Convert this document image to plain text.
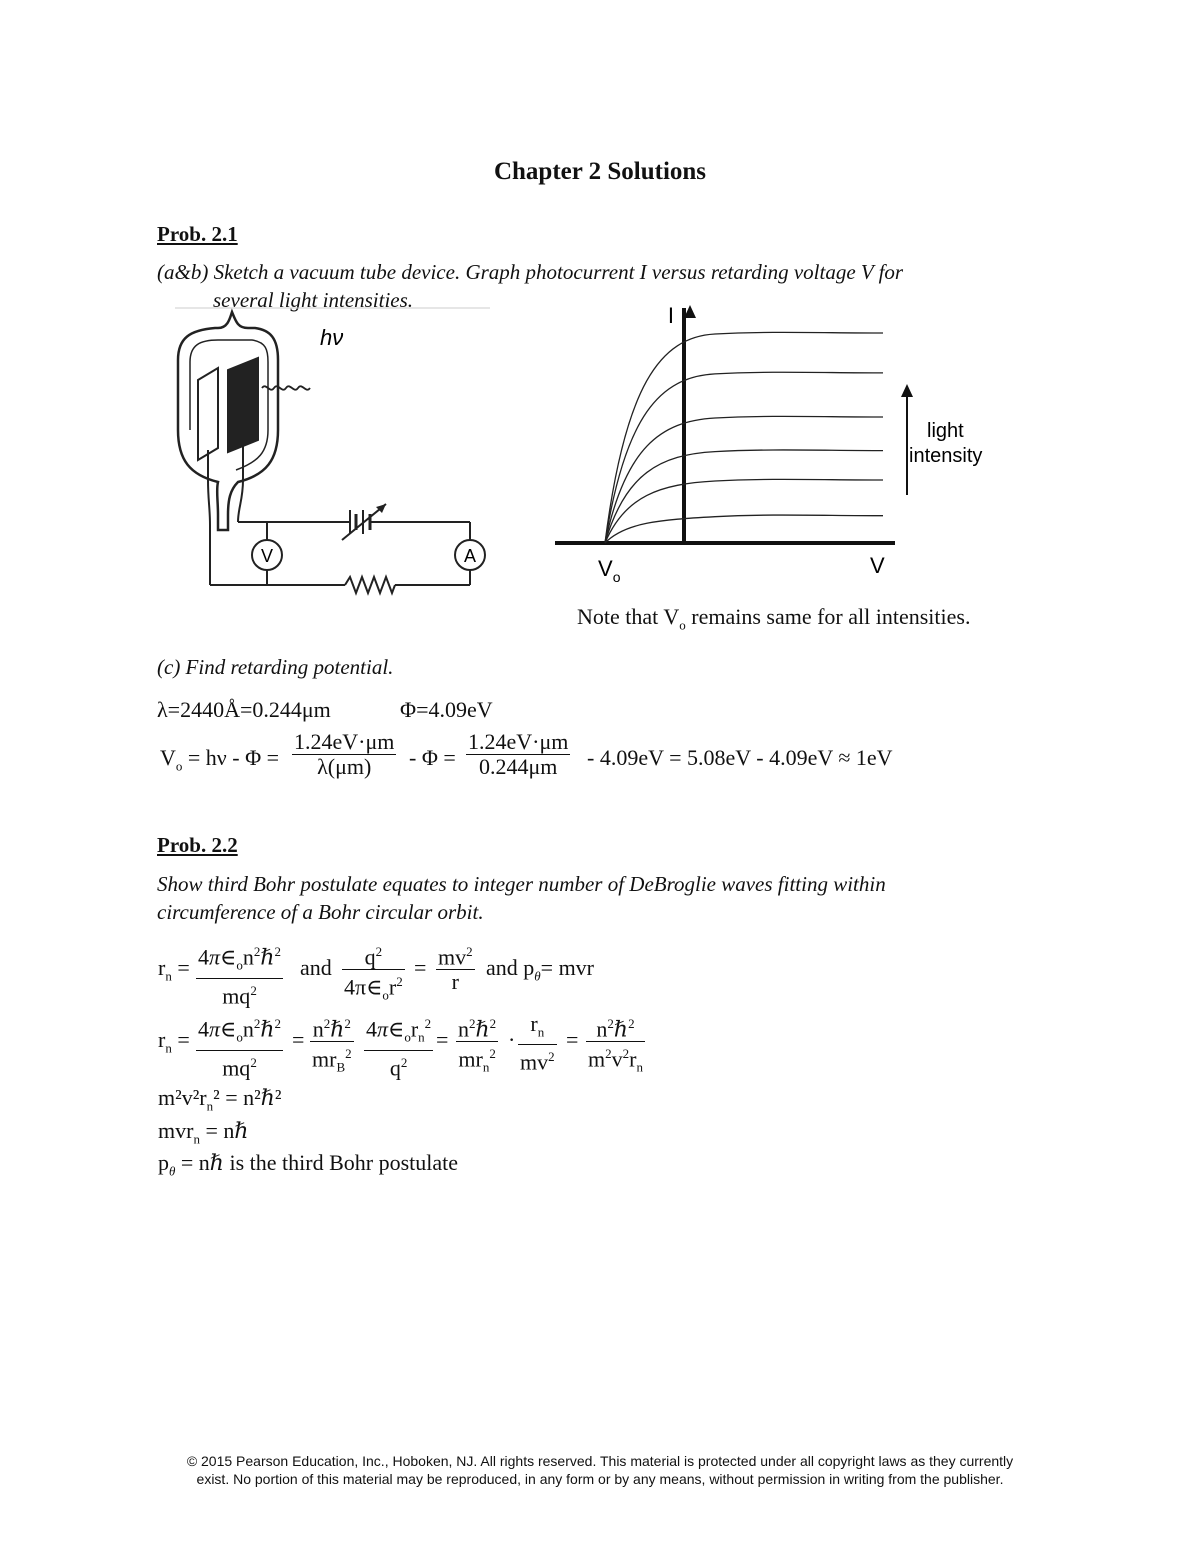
Chapter 2 Solutions
Prob. 2.1
(a&b) Sketch a vacuum tube device. Graph photocurrent I versus retarding voltage V for
several light intensities.
hν
V	A
I
$V_o$	V
light
intensity
Note that $V_o$ remains same for all intensities.
(c) Find retarding potential.
λ=2440Å=0.244μm	Φ=4.09eV
$V_o = h\nu - \Phi = \frac{1.24eV\cdot\mu m}{\lambda(\mu m)} - \Phi = \frac{1.24eV\cdot\mu m}{0.244\mu m} - 4.09eV = 5.08eV - 4.09eV \approx 1eV$
Prob. 2.2
Show third Bohr postulate equates to integer number of DeBroglie waves fitting within
circumference of a Bohr circular orbit.
$r_n$ = $4\pi\in_on^2\hbar^2$
$mq^2$
and $\frac{q^2}{4\pi\in_or^2} = \frac{mv^2}{r}$ and $p_\theta=$ mvr
$r_n$ = $4\pi\in_on^2\hbar^2$
$mq^2$
= $n^2\hbar^2$
$mr_B^2$
$4\pi\in_or_n^2$
$q^2$
= $n^2\hbar^2$
$mr_n^2$
· $\frac{r_n}{mv^2}$ = $n^2\hbar^2$
$m^2v^2r_n$
$m^2v^2r_n^2$ = n²ℏ²
mvr$_n$ = nℏ
$p_\theta$ = nℏ is the third Bohr postulate
© 2015 Pearson Education, Inc., Hoboken, NJ. All rights reserved. This material is protected under all copyright laws as they currently
exist. No portion of this material may be reproduced, in any form or by any means, without permission in writing from the publisher.
